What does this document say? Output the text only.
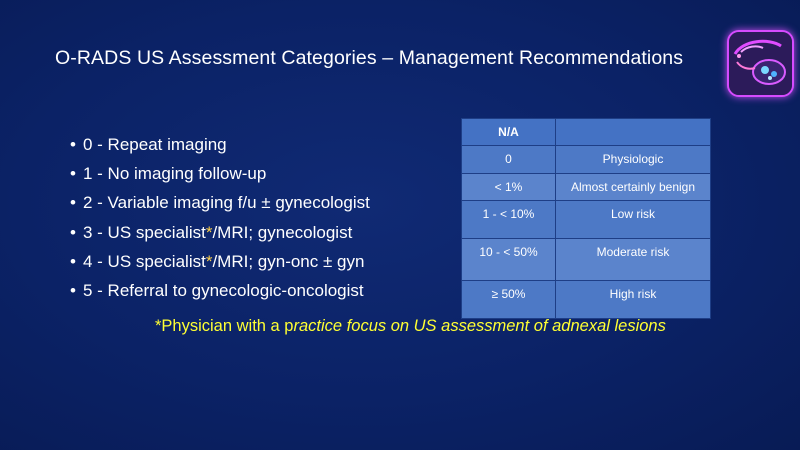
O-RADS US Assessment Categories – Management Recommendations
• 0 - Repeat imaging
• 1 - No imaging follow-up
• 2 - Variable imaging f/u ± gynecologist
• 3 - US specialist*/MRI; gynecologist
• 4 - US specialist*/MRI; gyn-onc ± gyn
• 5 - Referral to gynecologic-oncologist
N/A	
0	Physiologic
< 1%	Almost certainly benign
1 - < 10%	Low risk
10 - < 50%	Moderate risk
≥ 50%	High risk
*Physician with a practice focus on US assessment of adnexal lesions
